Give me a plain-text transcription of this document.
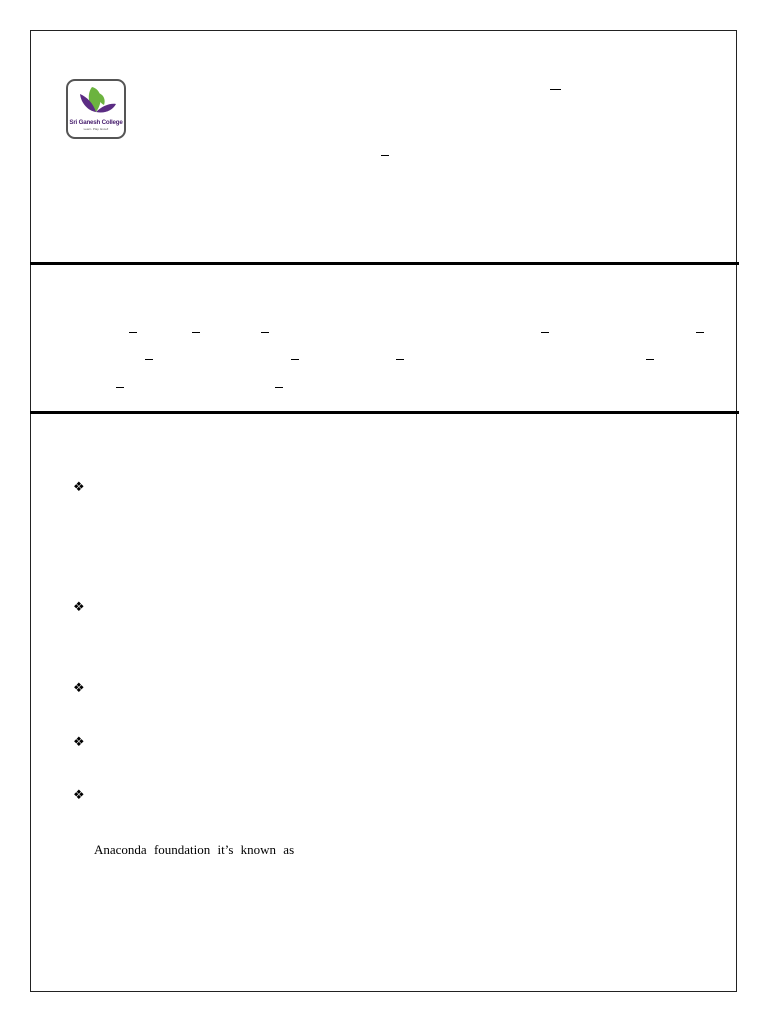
Sri Ganesh College
Learn. Play. Excel!
❖
❖
❖
❖
❖
Anaconda foundation it’s known as
